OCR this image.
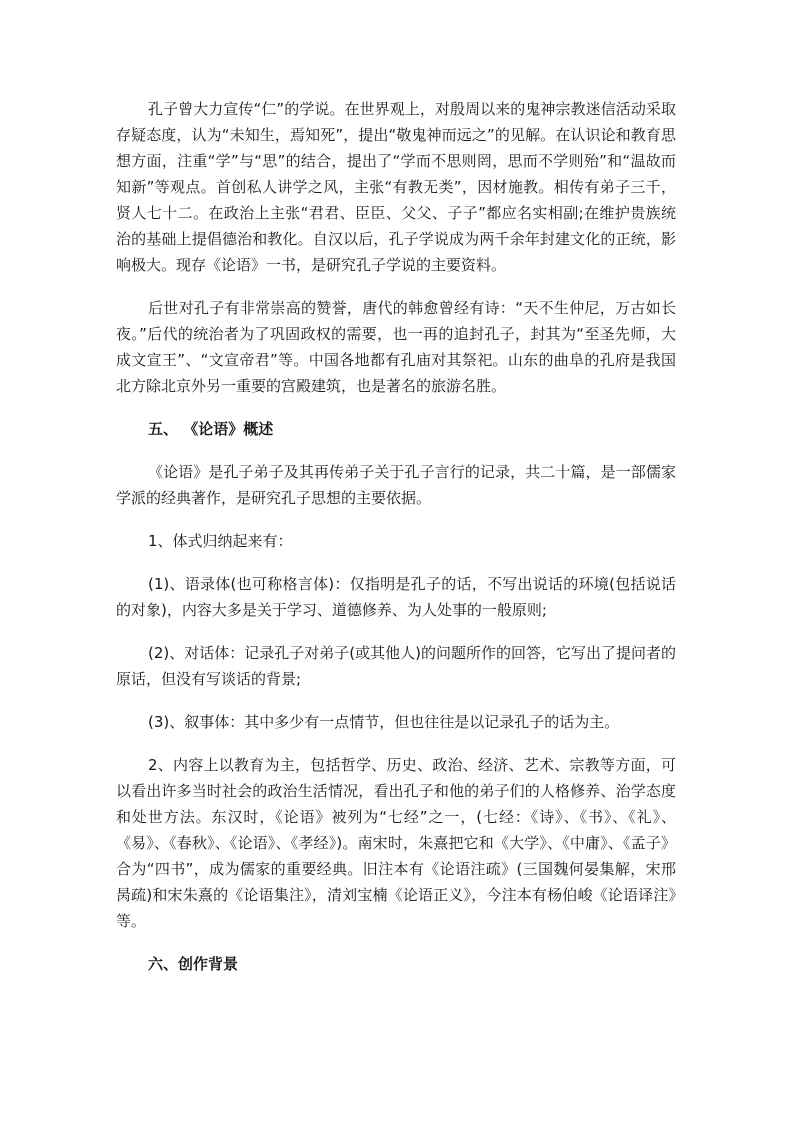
孔子曾大力宣传“仁”的学说。在世界观上，对殷周以来的鬼神宗教迷信活动采取存疑态度，认为“未知生，焉知死”，提出“敬鬼神而远之”的见解。在认识论和教育思想方面，注重“学”与“思”的结合，提出了“学而不思则罔，思而不学则殆”和“温故而知新”等观点。首创私人讲学之风，主张“有教无类”，因材施教。相传有弟子三千，贤人七十二。在政治上主张“君君、臣臣、父父、子子”都应名实相副;在维护贵族统治的基础上提倡德治和教化。自汉以后，孔子学说成为两千余年封建文化的正统，影响极大。现存《论语》一书，是研究孔子学说的主要资料。

后世对孔子有非常崇高的赞誉，唐代的韩愈曾经有诗：“天不生仲尼，万古如长夜。”后代的统治者为了巩固政权的需要，也一再的追封孔子，封其为“至圣先师，大成文宣王”、“文宣帝君”等。中国各地都有孔庙对其祭祀。山东的曲阜的孔府是我国北方除北京外另一重要的宫殿建筑，也是著名的旅游名胜。

五、 《论语》概述

《论语》是孔子弟子及其再传弟子关于孔子言行的记录，共二十篇，是一部儒家学派的经典著作，是研究孔子思想的主要依据。

1、体式归纳起来有：

(1)、语录体(也可称格言体)：仅指明是孔子的话，不写出说话的环境(包括说话的对象)，内容大多是关于学习、道德修养、为人处事的一般原则;

(2)、对话体：记录孔子对弟子(或其他人)的问题所作的回答，它写出了提问者的原话，但没有写谈话的背景;

(3)、叙事体：其中多少有一点情节，但也往往是以记录孔子的话为主。

2、内容上以教育为主，包括哲学、历史、政治、经济、艺术、宗教等方面，可以看出许多当时社会的政治生活情况，看出孔子和他的弟子们的人格修养、治学态度和处世方法。东汉时，《论语》被列为“七经”之一，(七经：《诗》、《书》、《礼》、《易》、《春秋》、《论语》、《孝经》)。南宋时，朱熹把它和《大学》、《中庸》、《孟子》合为“四书”，成为儒家的重要经典。旧注本有《论语注疏》(三国魏何晏集解，宋邢昺疏)和宋朱熹的《论语集注》，清刘宝楠《论语正义》，今注本有杨伯峻《论语译注》等。

六、创作背景
